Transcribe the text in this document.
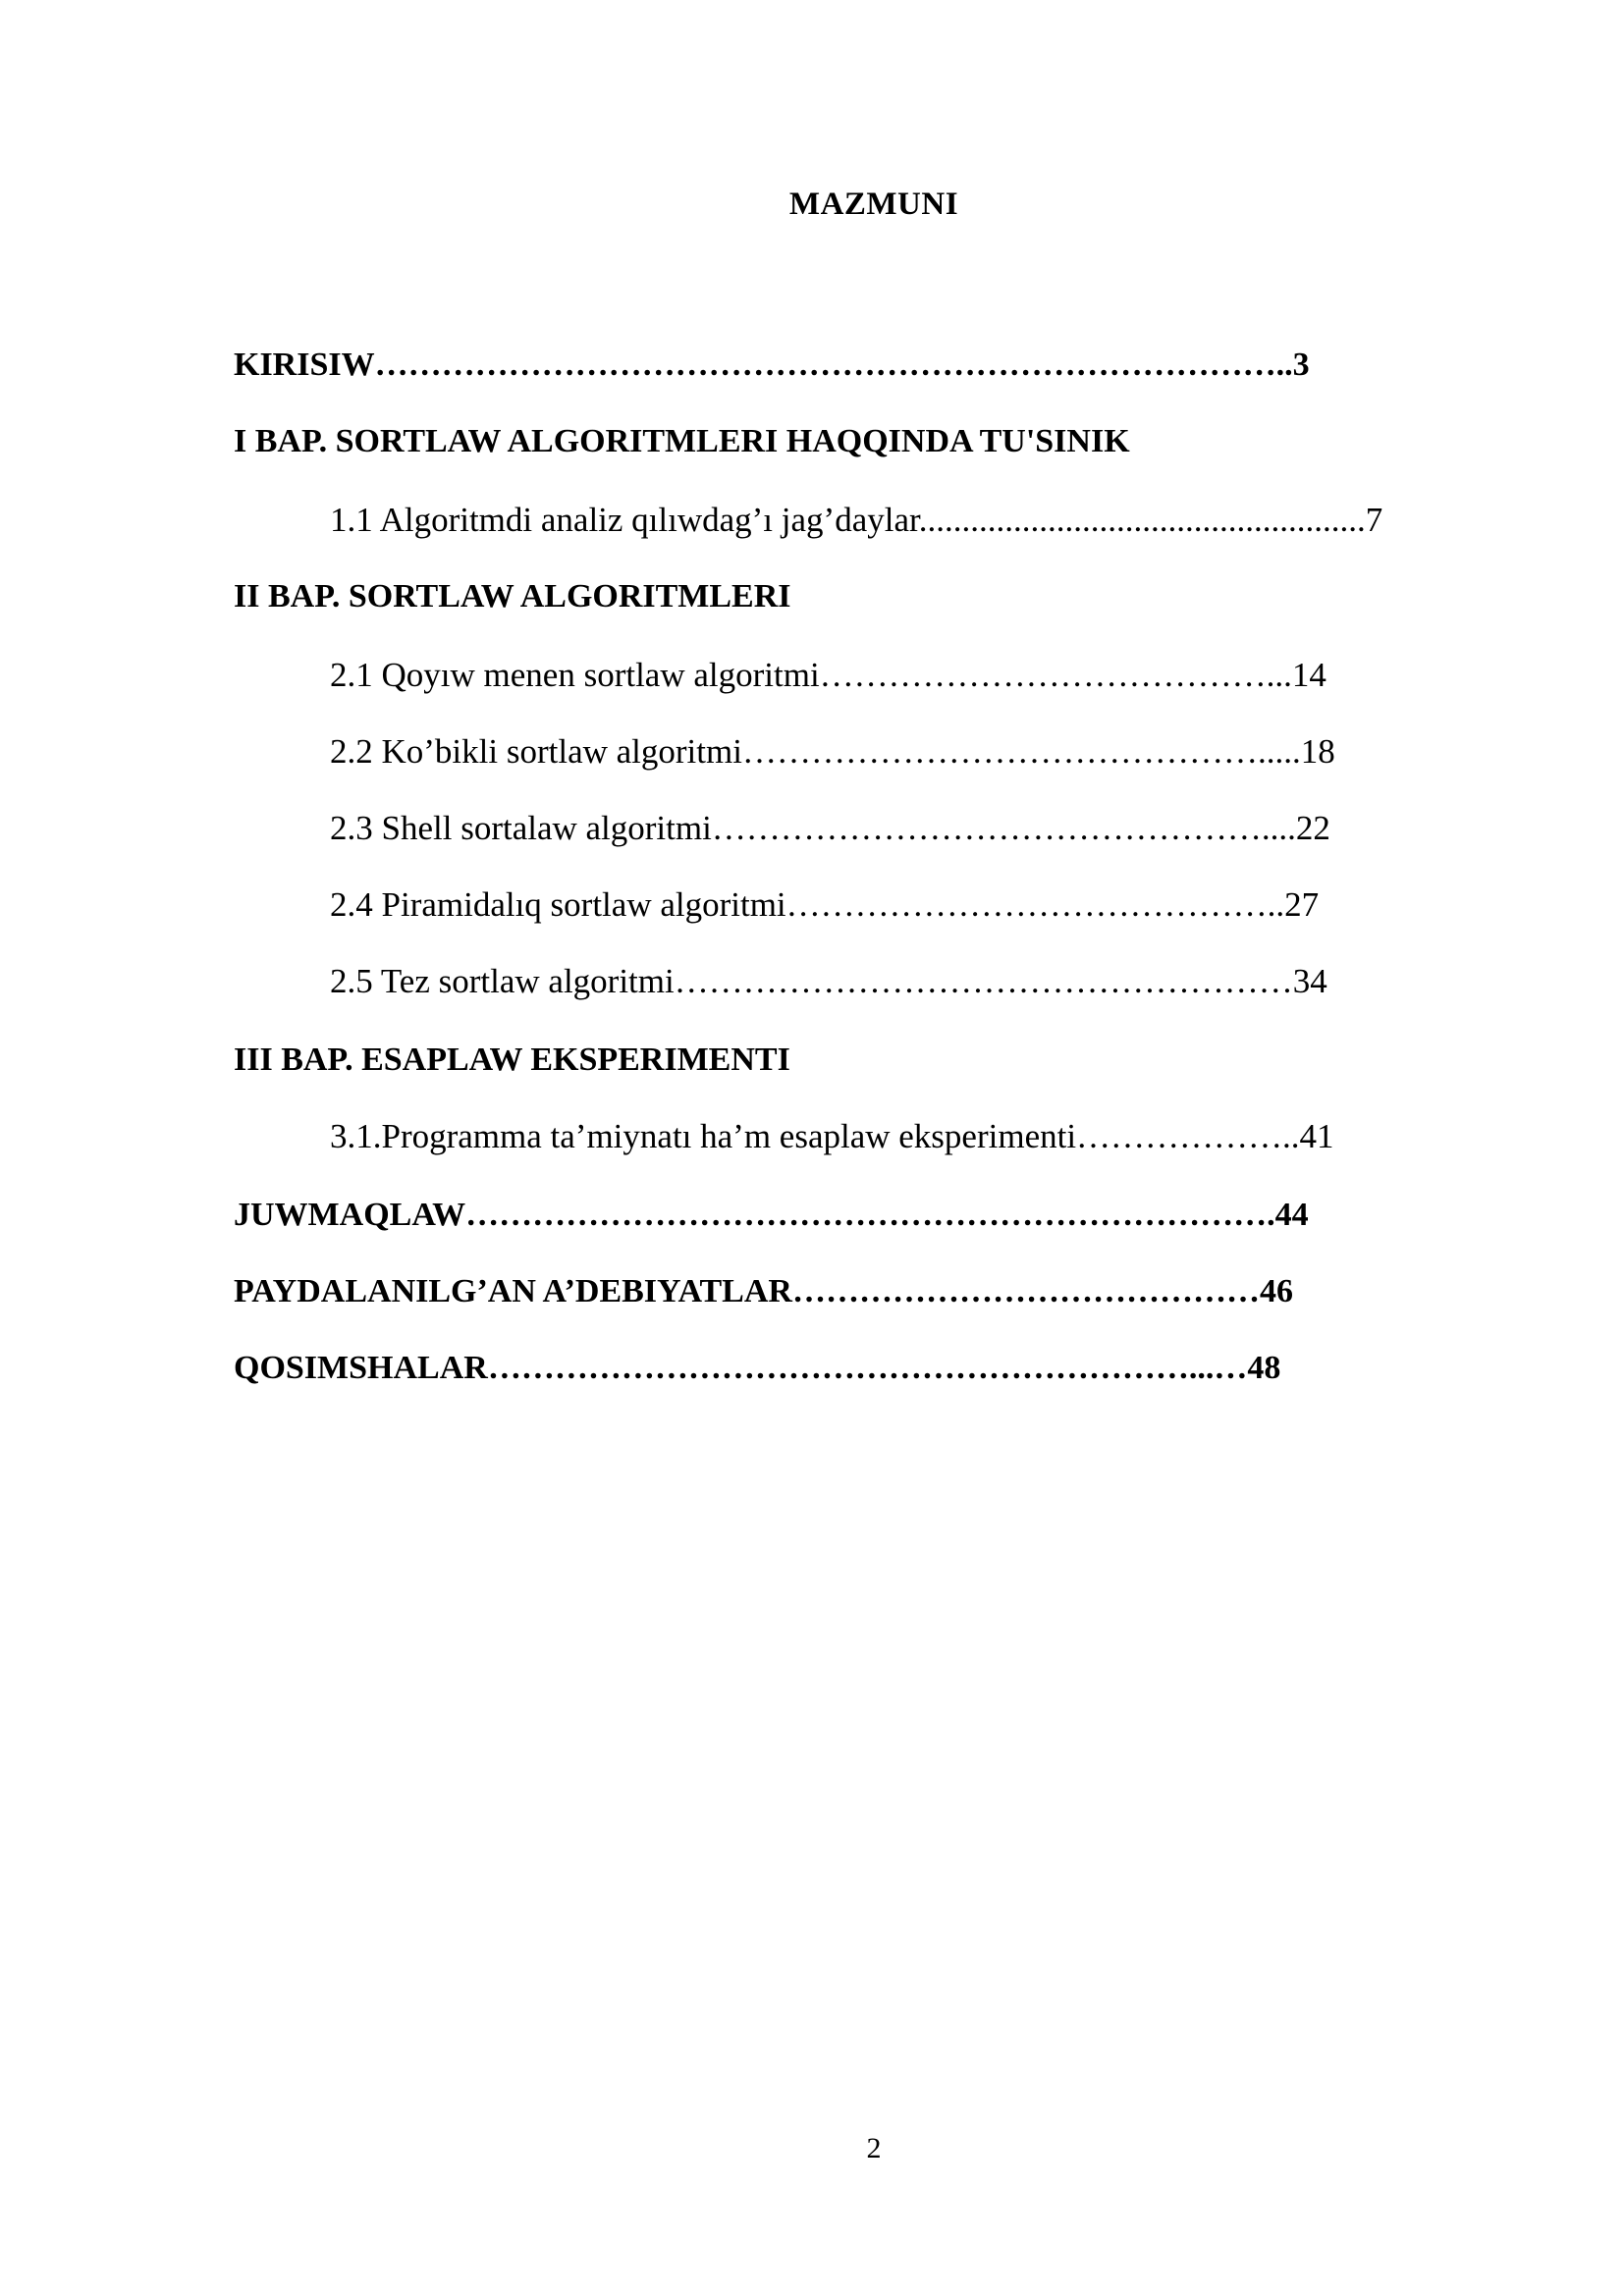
MAZMUNI
KIRISIW………………………………………………………………………..3
I BAP. SORTLAW ALGORITMLERI HAQQINDA TU'SINIK
1.1 Algoritmdi analiz qılıwdag’ı jag’daylar....................................................7
II BAP. SORTLAW ALGORITMLERI
2.1 Qoyıw menen sortlaw algoritmi…………………………………...14
2.2 Ko’bikli sortlaw algoritmi……………………………………….....18
2.3 Shell sortalaw algoritmi…………………………………………....22
2.4 Piramidalıq sortlaw algoritmi……………………………………..27
2.5 Tez sortlaw algoritmi………………………………………………34
III BAP. ESAPLAW EKSPERIMENTI
3.1.Programma ta’miynatı ha’m esaplaw eksperimenti………………..41
JUWMAQLAW……………………………………………………………….44
PAYDALANILG’AN A’DEBIYATLAR……………………………………46
QOSIMSHALAR………………………………………………………...…48
2
